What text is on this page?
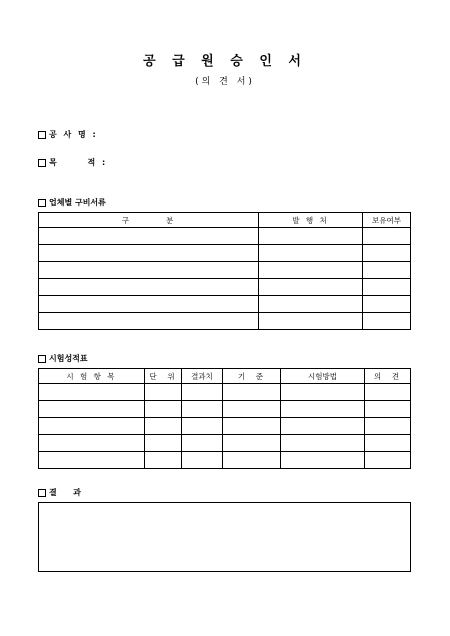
공 급 원 승 인 서
(의 견 서)
공 사 명 :
목      적 :
업체별 구비서류
구        분	발 행 처	보유여부

시험성적표
시 험 항 목	단  위	결과치	기  준	시험방법	의  견

결   과
